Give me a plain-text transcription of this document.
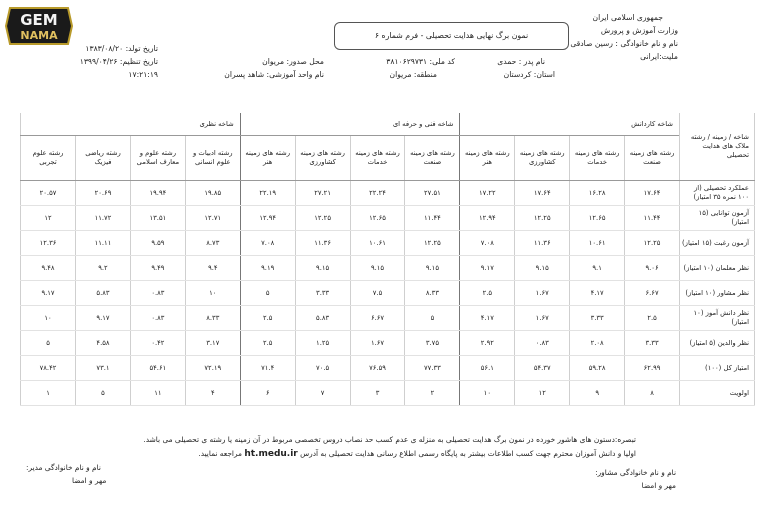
GEM
NAMA
جمهوری اسلامی ایران
وزارت آموزش و پرورش
نام و نام خانوادگی : رسین صادقی
ملیت:ایرانی
نمون برگ نهایی هدایت تحصیلی - فرم شماره ۶
نام پدر : حمدی
استان: کردستان
کد ملی: ۳۸۱۰۶۲۹۷۳۱
منطقه: مریوان
محل صدور: مریوان
نام واحد آموزشی: شاهد پسران
تاریخ تولد: ۱۳۸۳/۰۸/۲۰
تاریخ تنظیم: ۱۳۹۹/۰۴/۲۶
۱۷:۲۱:۱۹
شاخه / زمینه / رشته ملاک های هدایت تحصیلی	شاخه کاردانش				شاخه فنی و حرفه ای				شاخه نظری			
	رشته های زمینه صنعت	رشته های زمینه خدمات	رشته های زمینه کشاورزی	رشته های زمینه هنر	رشته های زمینه صنعت	رشته های زمینه خدمات	رشته های زمینه کشاورزی	رشته های زمینه هنر	رشته ادبیات و علوم انسانی	رشته علوم و معارف اسلامی	رشته ریاضی فیزیک	رشته علوم تجربی
عملکرد تحصیلی (از ۱۰۰ نمره ۳۵ امتیاز)	۱۷.۶۴	۱۶.۲۸	۱۷.۶۴	۱۷.۲۲	۲۷.۵۱	۲۲.۲۴	۲۷.۲۱	۲۲.۱۹	۱۹.۸۵	۱۹.۹۴	۲۰.۶۹	۲۰.۵۷
آزمون توانایی (۱۵ امتیاز)	۱۱.۴۴	۱۲.۶۵	۱۲.۲۵	۱۲.۹۴	۱۱.۴۴	۱۲.۶۵	۱۲.۲۵	۱۲.۹۴	۱۲.۷۱	۱۳.۵۱	۱۱.۷۲	۱۲
آزمون رغبت (۱۵ امتیاز)	۱۲.۲۵	۱۰.۶۱	۱۱.۳۶	۷.۰۸	۱۲.۲۵	۱۰.۶۱	۱۱.۳۶	۷.۰۸	۸.۷۳	۹.۵۹	۱۱.۱۱	۱۲.۳۶
نظر معلمان (۱۰ امتیاز)	۹.۰۶	۹.۱	۹.۱۵	۹.۱۷	۹.۱۵	۹.۱۵	۹.۱۵	۹.۱۹	۹.۴	۹.۴۹	۹.۲	۹.۴۸
نظر مشاور (۱۰ امتیاز)	۶.۶۷	۴.۱۷	۱.۶۷	۲.۵	۸.۳۳	۷.۵	۳.۳۳	۵	۱۰	۰.۸۳	۵.۸۳	۹.۱۷
نظر دانش آموز (۱۰ امتیاز)	۲.۵	۳.۳۳	۱.۶۷	۴.۱۷	۵	۶.۶۷	۵.۸۳	۲.۵	۸.۳۳	۰.۸۳	۹.۱۷	۱۰
نظر والدین (۵ امتیاز)	۳.۳۳	۲.۰۸	۰.۸۳	۲.۹۲	۳.۷۵	۱.۶۷	۱.۲۵	۲.۵	۳.۱۷	۰.۴۲	۴.۵۸	۵
امتیاز کل (۱۰۰)	۶۲.۹۹	۵۹.۲۸	۵۴.۳۷	۵۶.۱	۷۷.۳۳	۷۶.۵۹	۷۰.۵	۷۱.۴	۷۲.۱۹	۵۴.۶۱	۷۳.۱	۷۸.۴۲
اولویت	۸	۹	۱۲	۱۰	۲	۳	۷	۶	۴	۱۱	۵	۱
تبصره:دستون های هاشور خورده در نمون برگ هدایت تحصیلی به منزله ی عدم کسب حد نصاب دروس تخصصی مربوط در آن زمینه یا رشته ی تحصیلی می باشد.
اولیا و دانش آموزان محترم جهت کسب اطلاعات بیشتر به پایگاه رسمی اطلاع رسانی هدایت تحصیلی به آدرس ht.medu.ir مراجعه نمایید.
نام و نام خانوادگی مشاور:
مهر و امضا
نام و نام خانوادگی مدیر:
مهر و امضا
